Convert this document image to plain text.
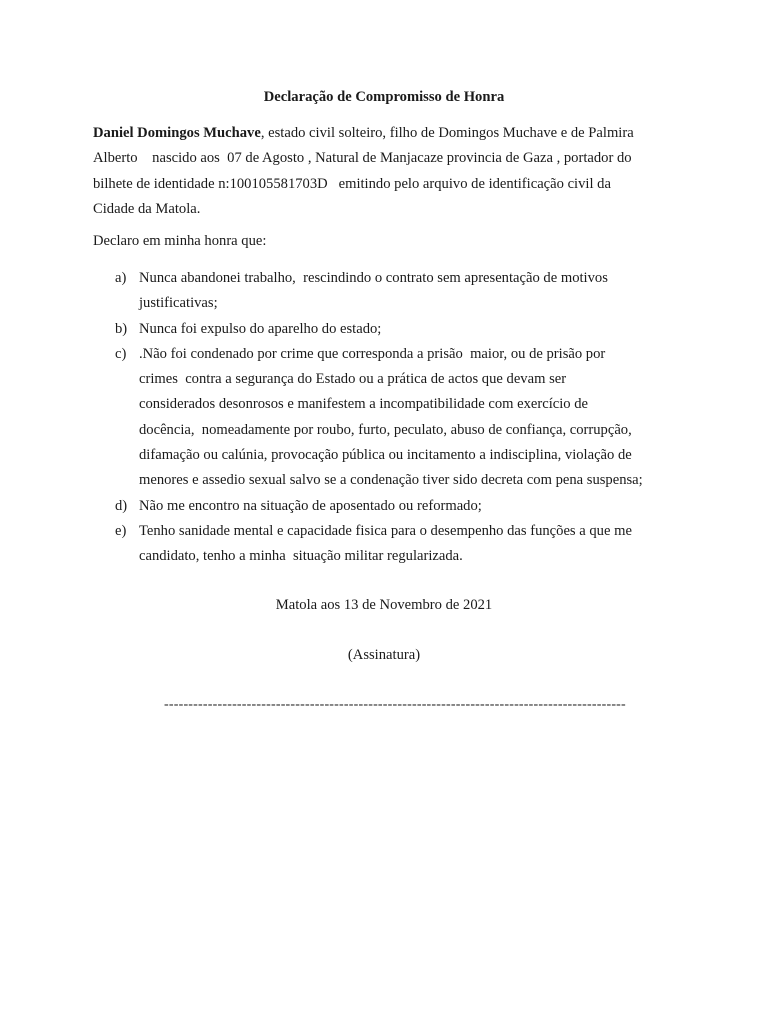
Declaração de Compromisso de Honra
Daniel Domingos Muchave, estado civil solteiro, filho de Domingos Muchave e de Palmira
Alberto    nascido aos  07 de Agosto , Natural de Manjacaze provincia de Gaza , portador do
bilhete de identidade n:100105581703D   emitindo pelo arquivo de identificação civil da
Cidade da Matola.
Declaro em minha honra que:
a) Nunca abandonei trabalho,  rescindindo o contrato sem apresentação de motivos
justificativas;
b) Nunca foi expulso do aparelho do estado;
c) .Não foi condenado por crime que corresponda a prisão  maior, ou de prisão por
crimes  contra a segurança do Estado ou a prática de actos que devam ser
considerados desonrosos e manifestem a incompatibilidade com exercício de
docência,  nomeadamente por roubo, furto, peculato, abuso de confiança, corrupção,
difamação ou calúnia, provocação pública ou incitamento a indisciplina, violação de
menores e assedio sexual salvo se a condenação tiver sido decreta com pena suspensa;
d) Não me encontro na situação de aposentado ou reformado;
e) Tenho sanidade mental e capacidade fisica para o desempenho das funções a que me
candidato, tenho a minha  situação militar regularizada.
Matola aos 13 de Novembro de 2021
(Assinatura)
-----------------------------------------------------------------------------------------------
